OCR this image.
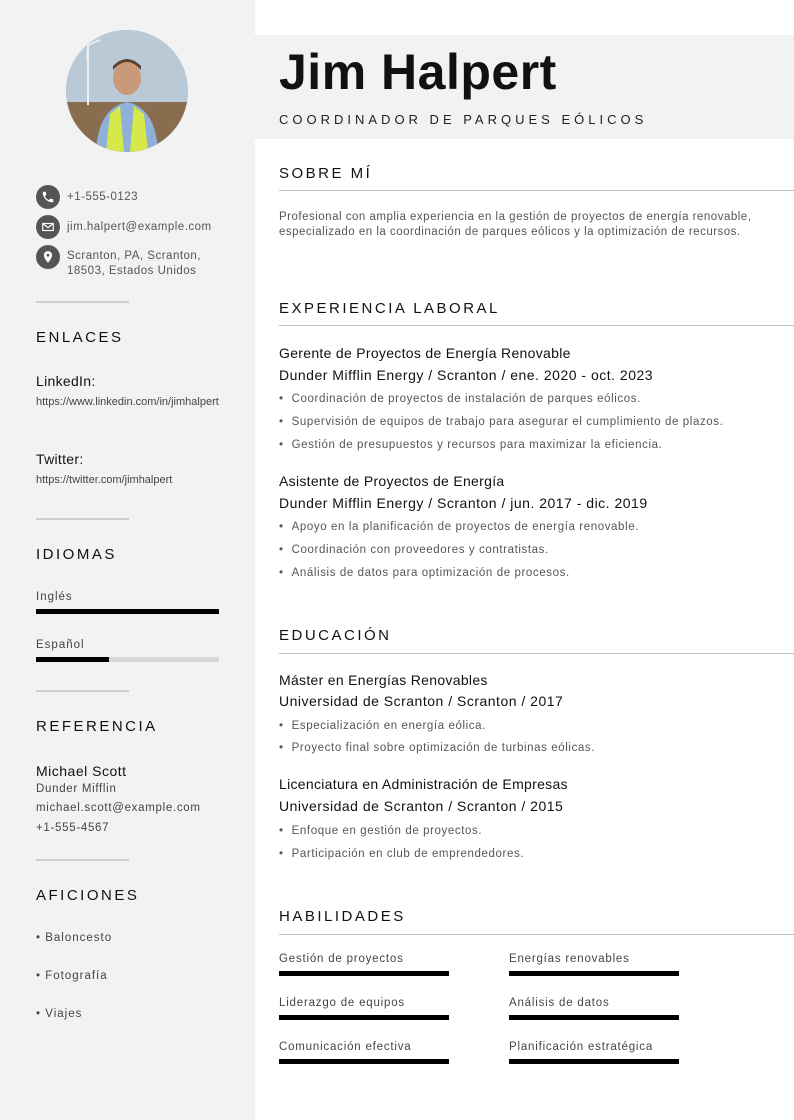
+1-555-0123
jim.halpert@example.com
Scranton, PA, Scranton, 18503, Estados Unidos
ENLACES
LinkedIn:
https://www.linkedin.com/in/jimhalpert
Twitter:
https://twitter.com/jimhalpert
IDIOMAS
Inglés
Español
REFERENCIA
Michael Scott
Dunder Mifflin
michael.scott@example.com
+1-555-4567
AFICIONES
• Baloncesto
• Fotografía
• Viajes
Jim Halpert
COORDINADOR DE PARQUES EÓLICOS
SOBRE MÍ
Profesional con amplia experiencia en la gestión de proyectos de energía renovable, especializado en la coordinación de parques eólicos y la optimización de recursos.
EXPERIENCIA LABORAL
Gerente de Proyectos de Energía Renovable
Dunder Mifflin Energy / Scranton / ene. 2020 - oct. 2023
• Coordinación de proyectos de instalación de parques eólicos.
• Supervisión de equipos de trabajo para asegurar el cumplimiento de plazos.
• Gestión de presupuestos y recursos para maximizar la eficiencia.
Asistente de Proyectos de Energía
Dunder Mifflin Energy / Scranton / jun. 2017 - dic. 2019
• Apoyo en la planificación de proyectos de energía renovable.
• Coordinación con proveedores y contratistas.
• Análisis de datos para optimización de procesos.
EDUCACIÓN
Máster en Energías Renovables
Universidad de Scranton / Scranton / 2017
• Especialización en energía eólica.
• Proyecto final sobre optimización de turbinas eólicas.
Licenciatura en Administración de Empresas
Universidad de Scranton / Scranton / 2015
• Enfoque en gestión de proyectos.
• Participación en club de emprendedores.
HABILIDADES
Gestión de proyectos	Energías renovables
Liderazgo de equipos	Análisis de datos
Comunicación efectiva	Planificación estratégica
